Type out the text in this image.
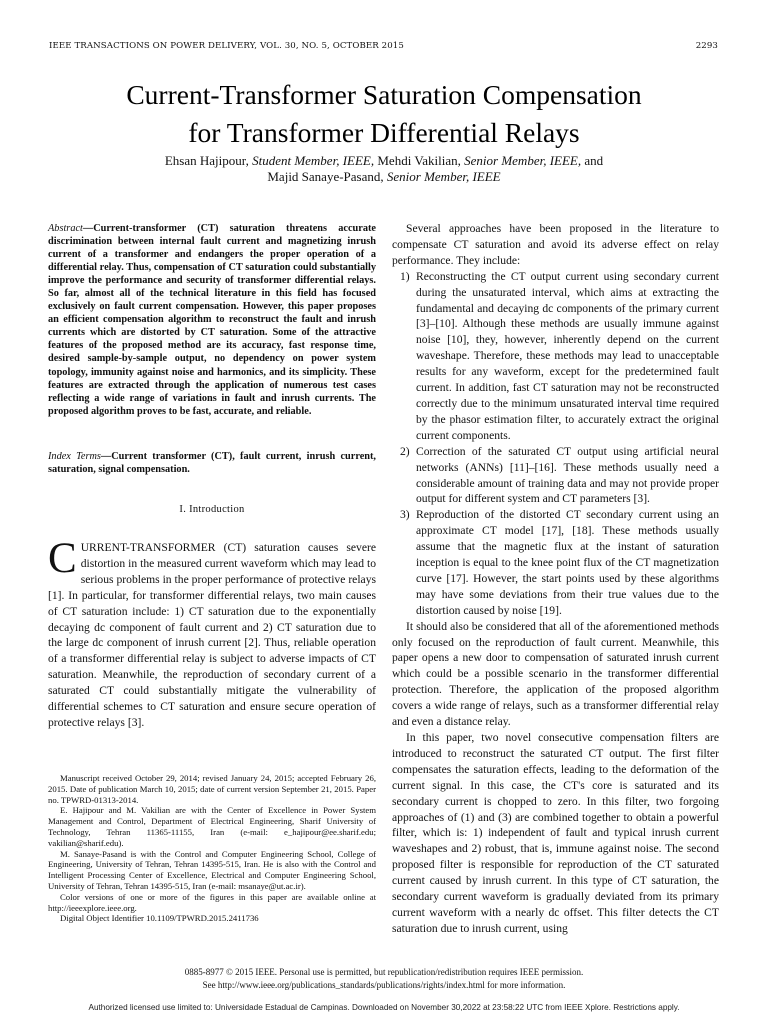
IEEE TRANSACTIONS ON POWER DELIVERY, VOL. 30, NO. 5, OCTOBER 2015	2293
Current-Transformer Saturation Compensation
for Transformer Differential Relays
Ehsan Hajipour, Student Member, IEEE, Mehdi Vakilian, Senior Member, IEEE, and
Majid Sanaye-Pasand, Senior Member, IEEE
Abstract—Current-transformer (CT) saturation threatens accurate discrimination between internal fault current and magnetizing inrush current of a transformer and endangers the proper operation of a differential relay. Thus, compensation of CT saturation could substantially improve the performance and security of transformer differential relays. So far, almost all of the technical literature in this field has focused exclusively on fault current compensation. However, this paper proposes an efficient compensation algorithm to reconstruct the fault and inrush currents which are distorted by CT saturation. Some of the attractive features of the proposed method are its accuracy, fast response time, desired sample-by-sample output, no dependency on power system topology, immunity against noise and harmonics, and its simplicity. These features are extracted through the application of numerous test cases reflecting a wide range of variations in fault and inrush currents. The proposed algorithm proves to be fast, accurate, and reliable.
Index Terms—Current transformer (CT), fault current, inrush current, saturation, signal compensation.
I. Introduction
CURRENT-TRANSFORMER (CT) saturation causes severe distortion in the measured current waveform which may lead to serious problems in the proper performance of protective relays [1]. In particular, for transformer differential relays, two main causes of CT saturation include: 1) CT saturation due to the exponentially decaying dc component of fault current and 2) CT saturation due to the large dc component of inrush current [2]. Thus, reliable operation of a transformer differential relay is subject to adverse impacts of CT saturation. Meanwhile, the reproduction of secondary current of a saturated CT could substantially mitigate the vulnerability of differential schemes to CT saturation and ensure secure operation of protective relays [3].

Manuscript received October 29, 2014; revised January 24, 2015; accepted February 26, 2015. Date of publication March 10, 2015; date of current version September 21, 2015. Paper no. TPWRD-01313-2014.

E. Hajipour and M. Vakilian are with the Center of Excellence in Power System Management and Control, Department of Electrical Engineering, Sharif University of Technology, Tehran 11365-11155, Iran (e-mail: e_hajipour@ee.sharif.edu; vakilian@sharif.edu).

M. Sanaye-Pasand is with the Control and Computer Engineering School, College of Engineering, University of Tehran, Tehran 14395-515, Iran. He is also with the Control and Intelligent Processing Center of Excellence, Electrical and Computer Engineering School, University of Tehran, Tehran 14395-515, Iran (e-mail: msanaye@ut.ac.ir).

Color versions of one or more of the figures in this paper are available online at http://ieeexplore.ieee.org.

Digital Object Identifier 10.1109/TPWRD.2015.2411736

Several approaches have been proposed in the literature to compensate CT saturation and avoid its adverse effect on relay performance. They include:

1) Reconstructing the CT output current using secondary current during the unsaturated interval, which aims at extracting the fundamental and decaying dc components of the primary current [3]–[10]. Although these methods are usually immune against noise [10], they, however, inherently depend on the current waveshape. Therefore, these methods may lead to unacceptable results for any waveform, except for the predetermined fault current. In addition, fast CT saturation may not be reconstructed correctly due to the minimum unsaturated interval time required by the phasor estimation filter, to accurately extract the original current components.
2) Correction of the saturated CT output using artificial neural networks (ANNs) [11]–[16]. These methods usually need a considerable amount of training data and may not provide proper output for different system and CT parameters [3].
3) Reproduction of the distorted CT secondary current using an approximate CT model [17], [18]. These methods usually assume that the magnetic flux at the instant of saturation inception is equal to the knee point flux of the CT magnetization curve [17]. However, the start points used by these algorithms may have some deviations from their true values due to the distortion caused by noise [19].

It should also be considered that all of the aforementioned methods only focused on the reproduction of fault current. Meanwhile, this paper opens a new door to compensation of saturated inrush current which could be a possible scenario in the transformer differential protection. Therefore, the application of the proposed algorithm covers a wide range of relays, such as a transformer differential relay and even a distance relay.

In this paper, two novel consecutive compensation filters are introduced to reconstruct the saturated CT output. The first filter compensates the saturation effects, leading to the deformation of the current signal. In this case, the CT's core is saturated and its secondary current is chopped to zero. In this filter, two forgoing approaches of (1) and (3) are combined together to obtain a powerful filter, which is: 1) independent of fault and typical inrush current waveshapes and 2) robust, that is, immune against noise. The second proposed filter is responsible for reproduction of the CT saturated current caused by inrush current. In this type of CT saturation, the secondary current waveform is gradually deviated from its primary current waveform with a nearly dc offset. This filter detects the CT saturation due to inrush current, using

0885-8977 © 2015 IEEE. Personal use is permitted, but republication/redistribution requires IEEE permission.
See http://www.ieee.org/publications_standards/publications/rights/index.html for more information.
Authorized licensed use limited to: Universidade Estadual de Campinas. Downloaded on November 30,2022 at 23:58:22 UTC from IEEE Xplore. Restrictions apply.
